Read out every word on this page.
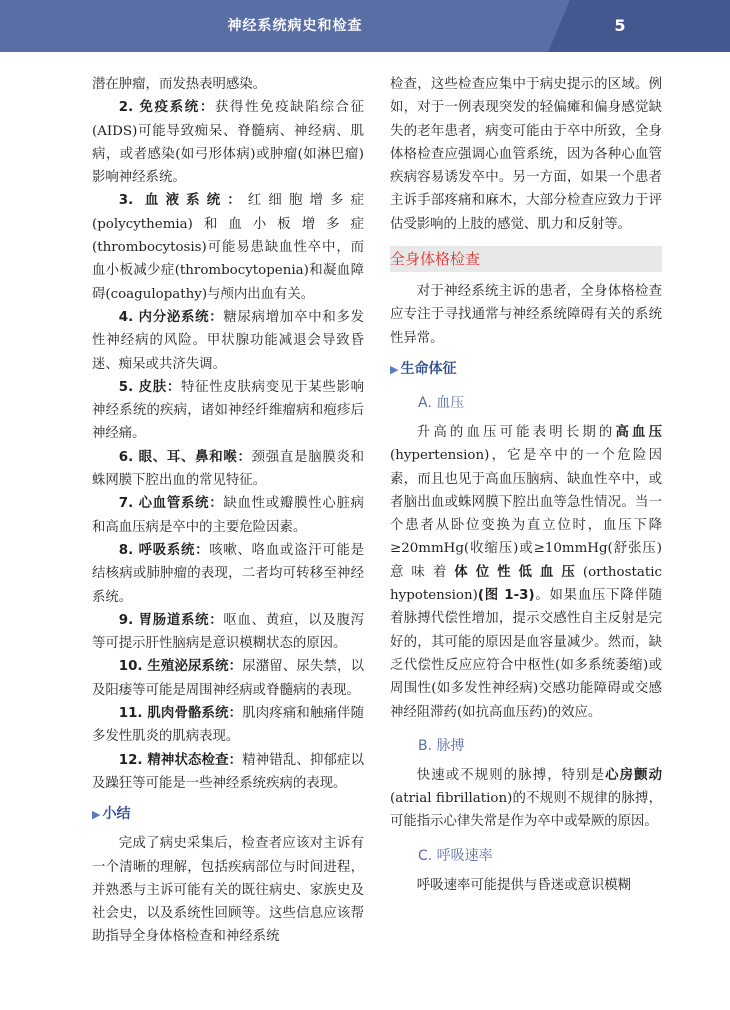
神经系统病史和检查	5

潜在肿瘤，而发热表明感染。

2. 免疫系统：获得性免疫缺陷综合征(AIDS)可能导致痴呆、脊髓病、神经病、肌病，或者感染(如弓形体病)或肿瘤(如淋巴瘤)影响神经系统。

3. 血液系统：红细胞增多症(polycythemia)和血小板增多症(thrombocytosis)可能易患缺血性卒中，而血小板减少症(thrombocytopenia)和凝血障碍(coagulopathy)与颅内出血有关。

4. 内分泌系统：糖尿病增加卒中和多发性神经病的风险。甲状腺功能减退会导致昏迷、痴呆或共济失调。

5. 皮肤：特征性皮肤病变见于某些影响神经系统的疾病，诸如神经纤维瘤病和疱疹后神经痛。

6. 眼、耳、鼻和喉：颈强直是脑膜炎和蛛网膜下腔出血的常见特征。

7. 心血管系统：缺血性或瓣膜性心脏病和高血压病是卒中的主要危险因素。

8. 呼吸系统：咳嗽、咯血或盗汗可能是结核病或肺肿瘤的表现，二者均可转移至神经系统。

9. 胃肠道系统：呕血、黄疸，以及腹泻等可提示肝性脑病是意识模糊状态的原因。

10. 生殖泌尿系统：尿潴留、尿失禁，以及阳痿等可能是周围神经病或脊髓病的表现。

11. 肌肉骨骼系统：肌肉疼痛和触痛伴随多发性肌炎的肌病表现。

12. 精神状态检查：精神错乱、抑郁症以及躁狂等可能是一些神经系统疾病的表现。

▶ 小结

完成了病史采集后，检查者应该对主诉有一个清晰的理解，包括疾病部位与时间进程，并熟悉与主诉可能有关的既往病史、家族史及社会史，以及系统性回顾等。这些信息应该帮助指导全身体格检查和神经系统

检查，这些检查应集中于病史提示的区域。例如，对于一例表现突发的轻偏瘫和偏身感觉缺失的老年患者，病变可能由于卒中所致，全身体格检查应强调心血管系统，因为各种心血管疾病容易诱发卒中。另一方面，如果一个患者主诉手部疼痛和麻木，大部分检查应致力于评估受影响的上肢的感觉、肌力和反射等。

全身体格检查

对于神经系统主诉的患者，全身体格检查应专注于寻找通常与神经系统障碍有关的系统性异常。

▶ 生命体征
A. 血压

升高的血压可能表明长期的高血压(hypertension)，它是卒中的一个危险因素，而且也见于高血压脑病、缺血性卒中，或者脑出血或蛛网膜下腔出血等急性情况。当一个患者从卧位变换为直立位时，血压下降≥20mmHg(收缩压)或≥10mmHg(舒张压)意味着体位性低血压(orthostatic hypotension)(图 1-3)。如果血压下降伴随着脉搏代偿性增加，提示交感性自主反射是完好的，其可能的原因是血容量减少。然而，缺乏代偿性反应应符合中枢性(如多系统萎缩)或周围性(如多发性神经病)交感功能障碍或交感神经阻滞药(如抗高血压药)的效应。

B. 脉搏

快速或不规则的脉搏，特别是心房颤动(atrial fibrillation)的不规则不规律的脉搏，可能指示心律失常是作为卒中或晕厥的原因。

C. 呼吸速率

呼吸速率可能提供与昏迷或意识模糊
